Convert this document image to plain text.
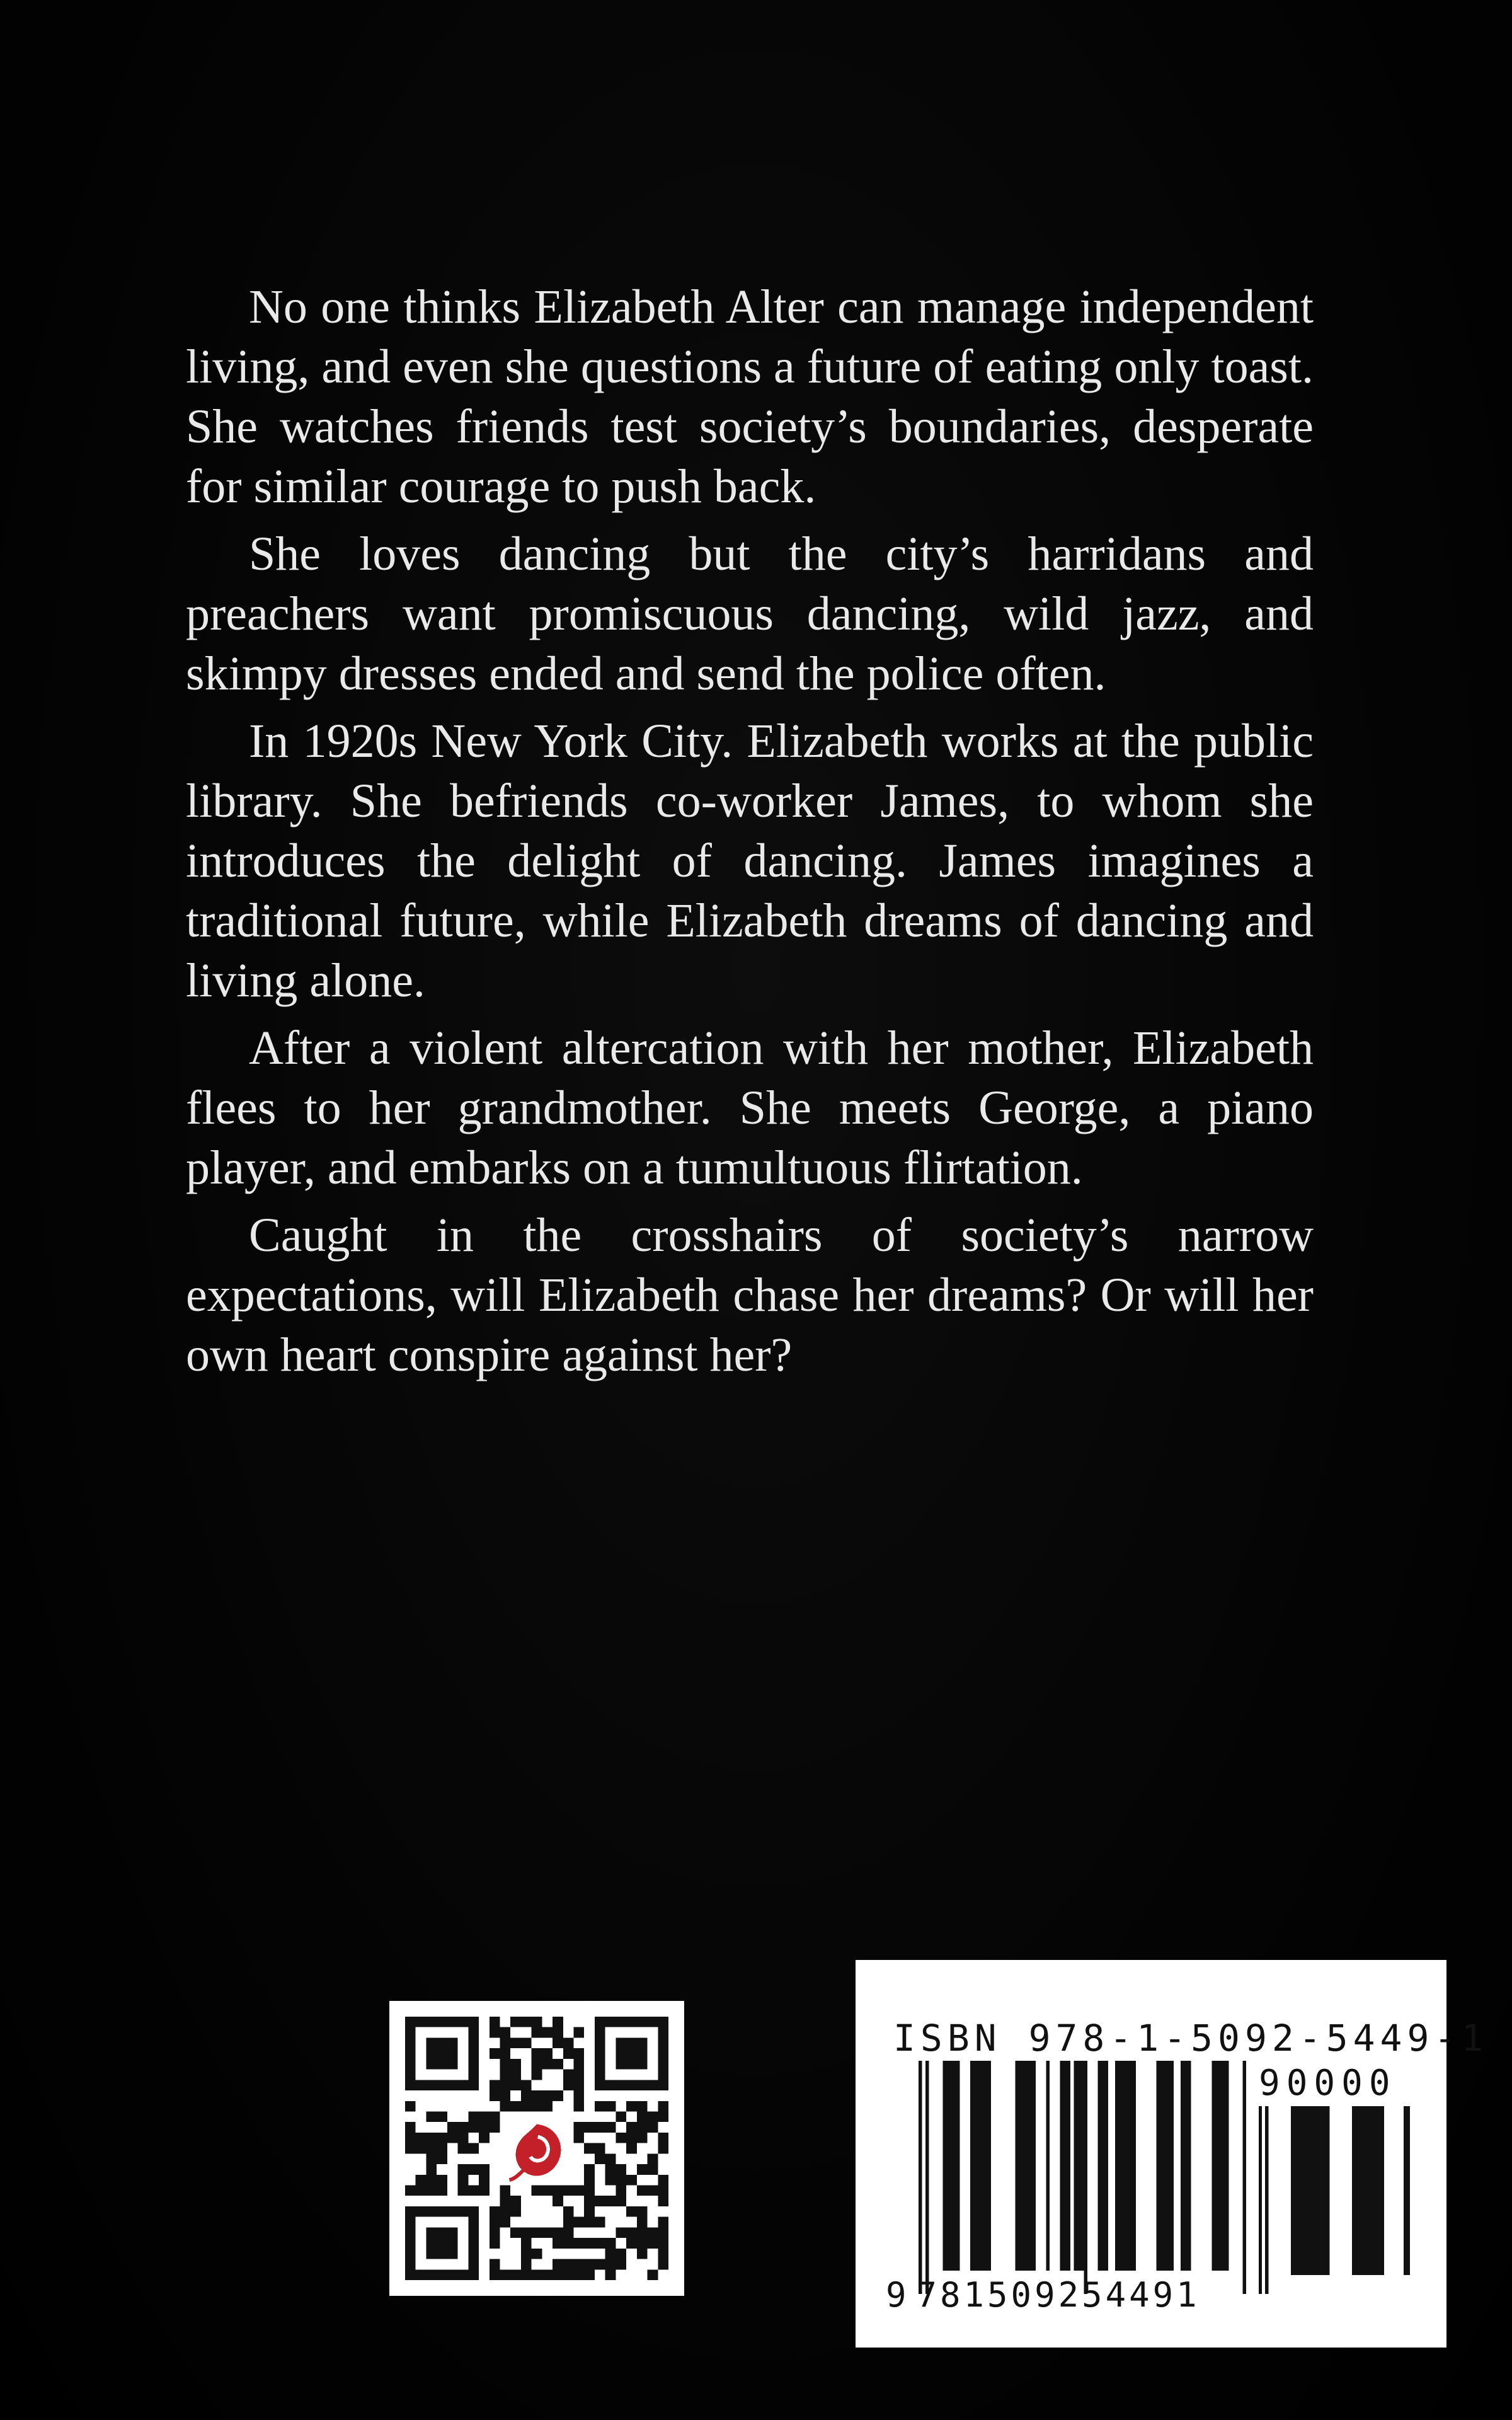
No one thinks Elizabeth Alter can manage independent living, and even she questions a future of eating only toast. She watches friends test society’s boundaries, desperate for similar courage to push back.

She loves dancing but the city’s harridans and preachers want promiscuous dancing, wild jazz, and skimpy dresses ended and send the police often.

In 1920s New York City. Elizabeth works at the public library. She befriends co-worker James, to whom she introduces the delight of dancing. James imagines a traditional future, while Elizabeth dreams of dancing and living alone.

After a violent altercation with her mother, Elizabeth flees to her grandmother. She meets George, a piano player, and embarks on a tumultuous flirtation.

Caught in the crosshairs of society’s narrow expectations, will Elizabeth chase her dreams? Or will her own heart conspire against her?

ISBN 978-1-5092-5449-1
90000
9 781509254491
